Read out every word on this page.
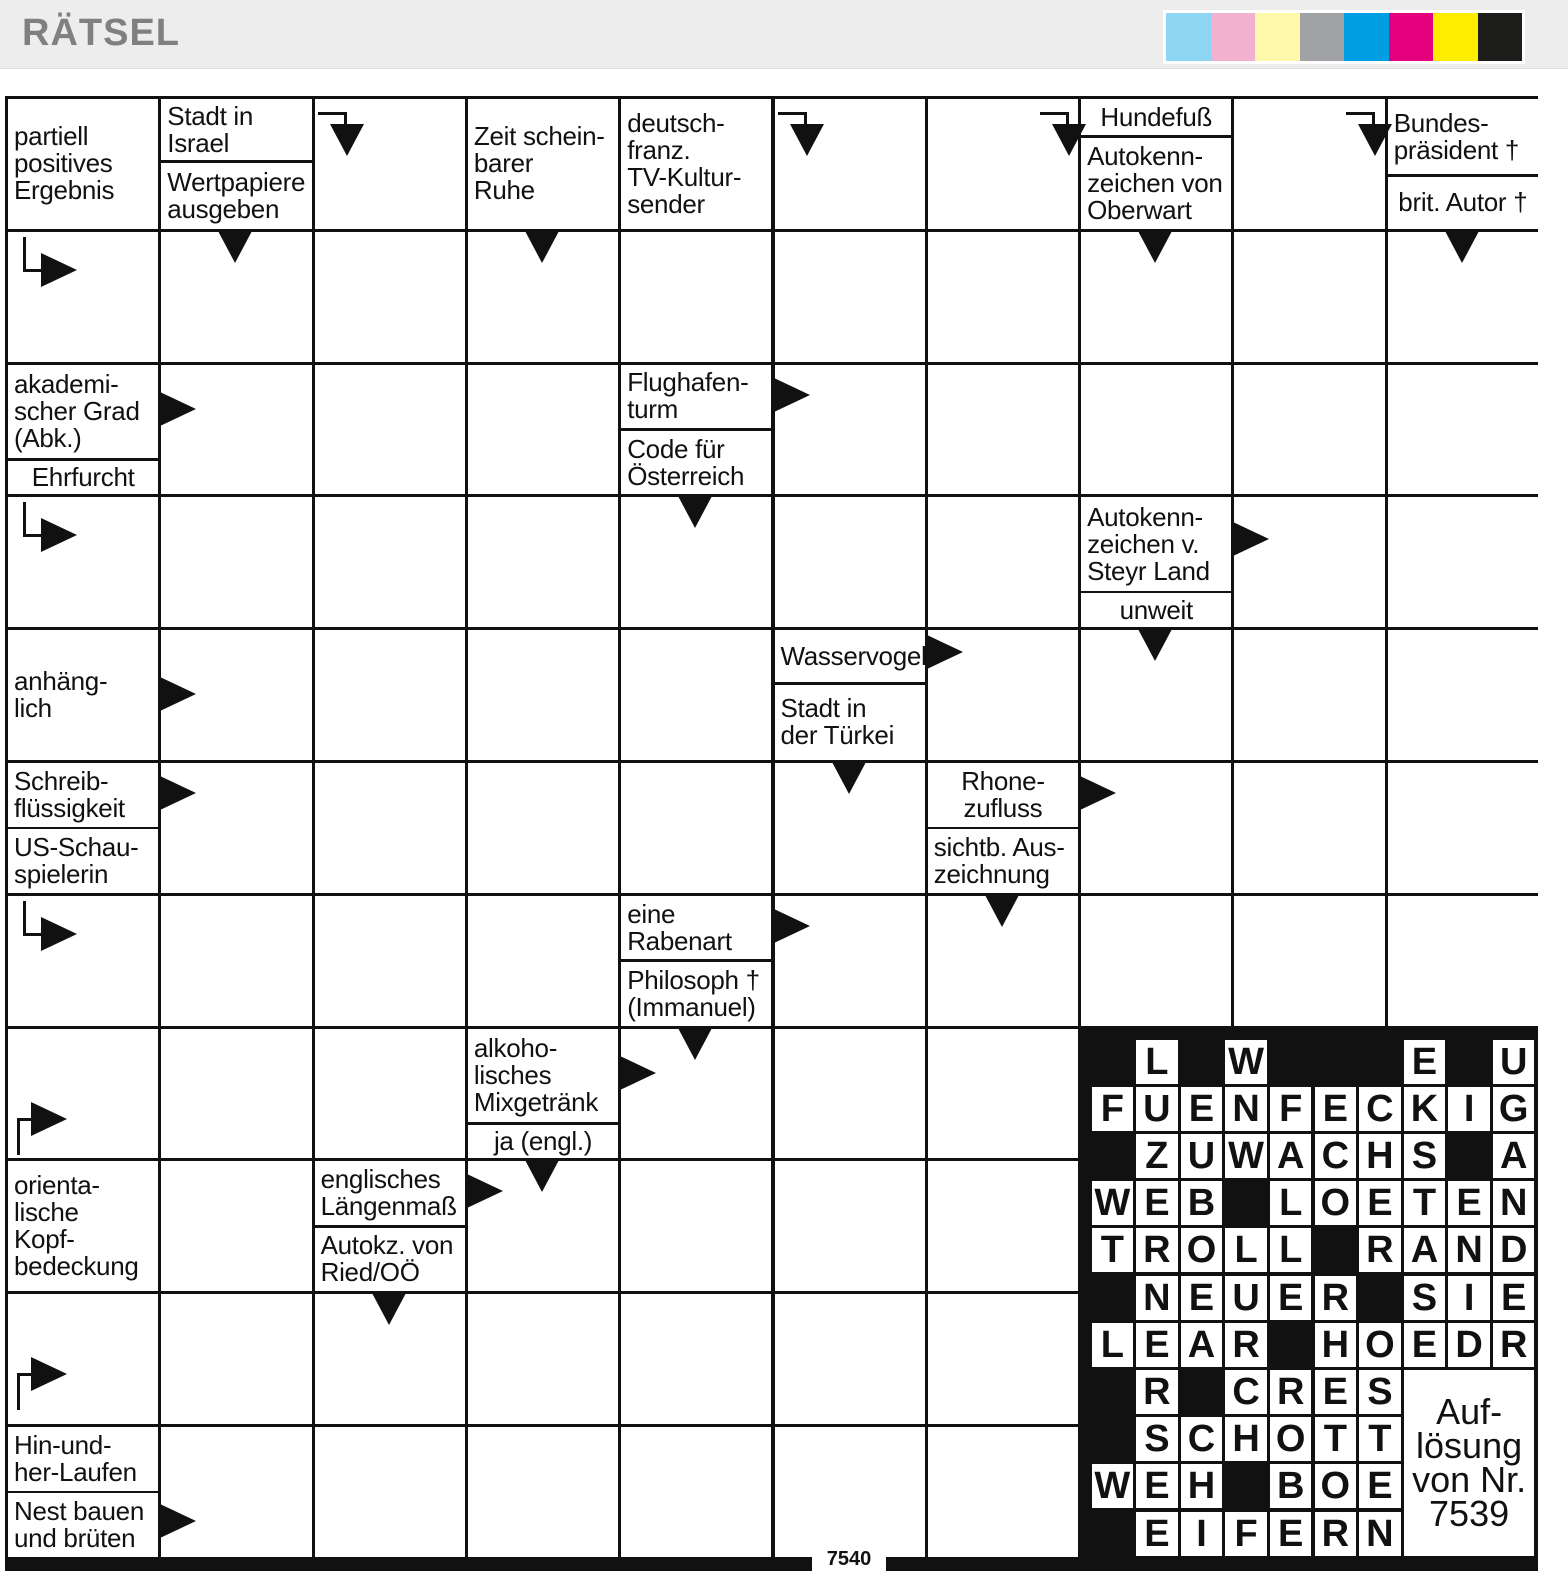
RÄTSEL
partiell
positives
Ergebnis
Stadt in
Israel
Wertpapiere
ausgeben
Zeit schein-
barer
Ruhe
deutsch-
franz.
TV-Kultur-
sender
Hundefuß
Autokenn-
zeichen von
Oberwart
Bundes-
präsident †
brit. Autor †
akademi-
scher Grad
(Abk.)
Ehrfurcht
Flughafen-
turm
Code für
Österreich
Autokenn-
zeichen v.
Steyr Land
unweit
anhäng-
lich
Wasservogel
Stadt in
der Türkei
Schreib-
flüssigkeit
US-Schau-
spielerin
Rhone-
zufluss
sichtb. Aus-
zeichnung
eine
Rabenart
Philosoph †
(Immanuel)
alkoho-
lisches
Mixgetränk
ja (engl.)
orienta-
lische
Kopf-
bedeckung
englisches
Längenmaß
Autokz. von
Ried/OÖ
Hin-und-
her-Laufen
Nest bauen
und brüten
L W	E U
F U E N F E C K I G
Z U W A C H S A
W E B L O E T E N
T R O L L R A N D
N E U E R S I E
L E A R H O E D R
R C R E S
S C H O T T
W E H B O E
E I F E R N
Auf-
lösung
von Nr.
7539
7540
